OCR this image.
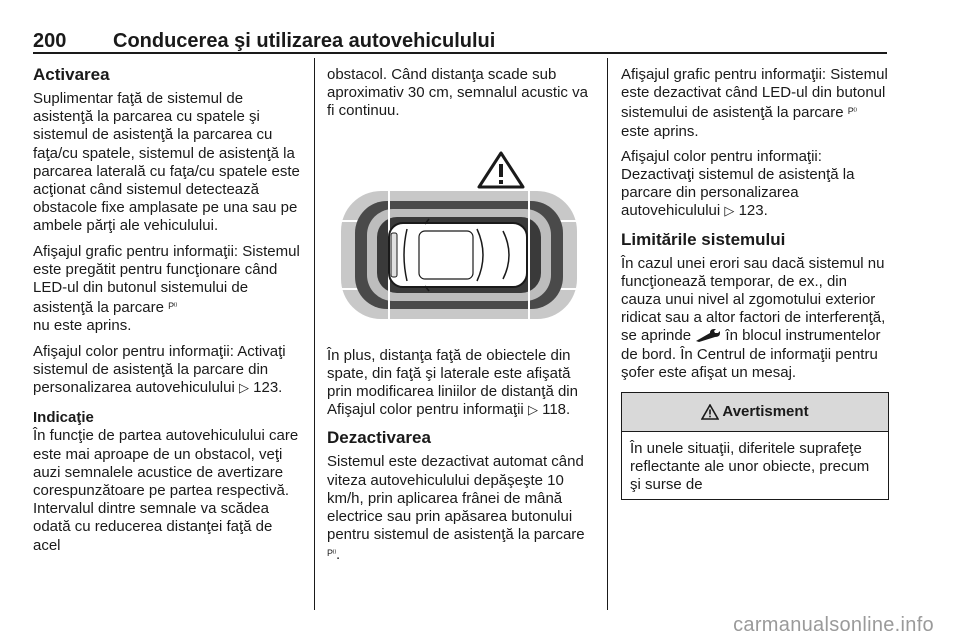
200 Conducerea şi utilizarea autovehiculului
Activarea
Suplimentar faţă de sistemul de asistenţă la parcarea cu spatele şi sistemul de asistenţă la parcarea cu faţa/cu spatele, sistemul de asistenţă la parcarea laterală cu faţa/cu spatele este acţionat când sistemul detectează obstacole fixe amplasate pe una sau pe ambele părţi ale vehiculului.
Afişajul grafic pentru informaţii: Sistemul este pregătit pentru funcţionare când LED-ul din butonul sistemului de asistenţă la parcare $^{P^{()}}$
nu este aprins.
Afişajul color pentru informaţii: Activaţi sistemul de asistenţă la parcare din personalizarea autovehiculului ▷ 123.
Indicaţie
În funcţie de partea autovehiculului care este mai aproape de un obstacol, veţi auzi semnalele acustice de avertizare corespunzătoare pe partea respectivă. Intervalul dintre semnale va scădea odată cu reducerea distanţei faţă de acel
obstacol. Când distanţa scade sub aproximativ 30 cm, semnalul acustic va fi continuu.
În plus, distanţa faţă de obiectele din spate, din faţă şi laterale este afişată prin modificarea liniilor de distanţă din Afişajul color pentru informaţii ▷ 118.
Dezactivarea
Sistemul este dezactivat automat când viteza autovehiculului depăşeşte 10 km/h, prin aplicarea frânei de mână electrice sau prin apăsarea butonului pentru sistemul de asistenţă la parcare $^{P^{()}}$.
Afişajul grafic pentru informaţii: Sistemul este dezactivat când LED-ul din butonul sistemului de asistenţă la parcare $^{P^{()}}$ este aprins.
Afişajul color pentru informaţii: Dezactivaţi sistemul de asistenţă la parcare din personalizarea autovehiculului ▷ 123.
Limitările sistemului
În cazul unei erori sau dacă sistemul nu funcţionează temporar, de ex., din cauza unui nivel al zgomotului exterior ridicat sau a altor factori de interferenţă, se aprinde în blocul instrumentelor de bord. În Centrul de informaţii pentru şofer este afişat un mesaj.
Avertisment
În unele situaţii, diferitele suprafeţe reflectante ale unor obiecte, precum şi surse de
carmanualsonline.info
